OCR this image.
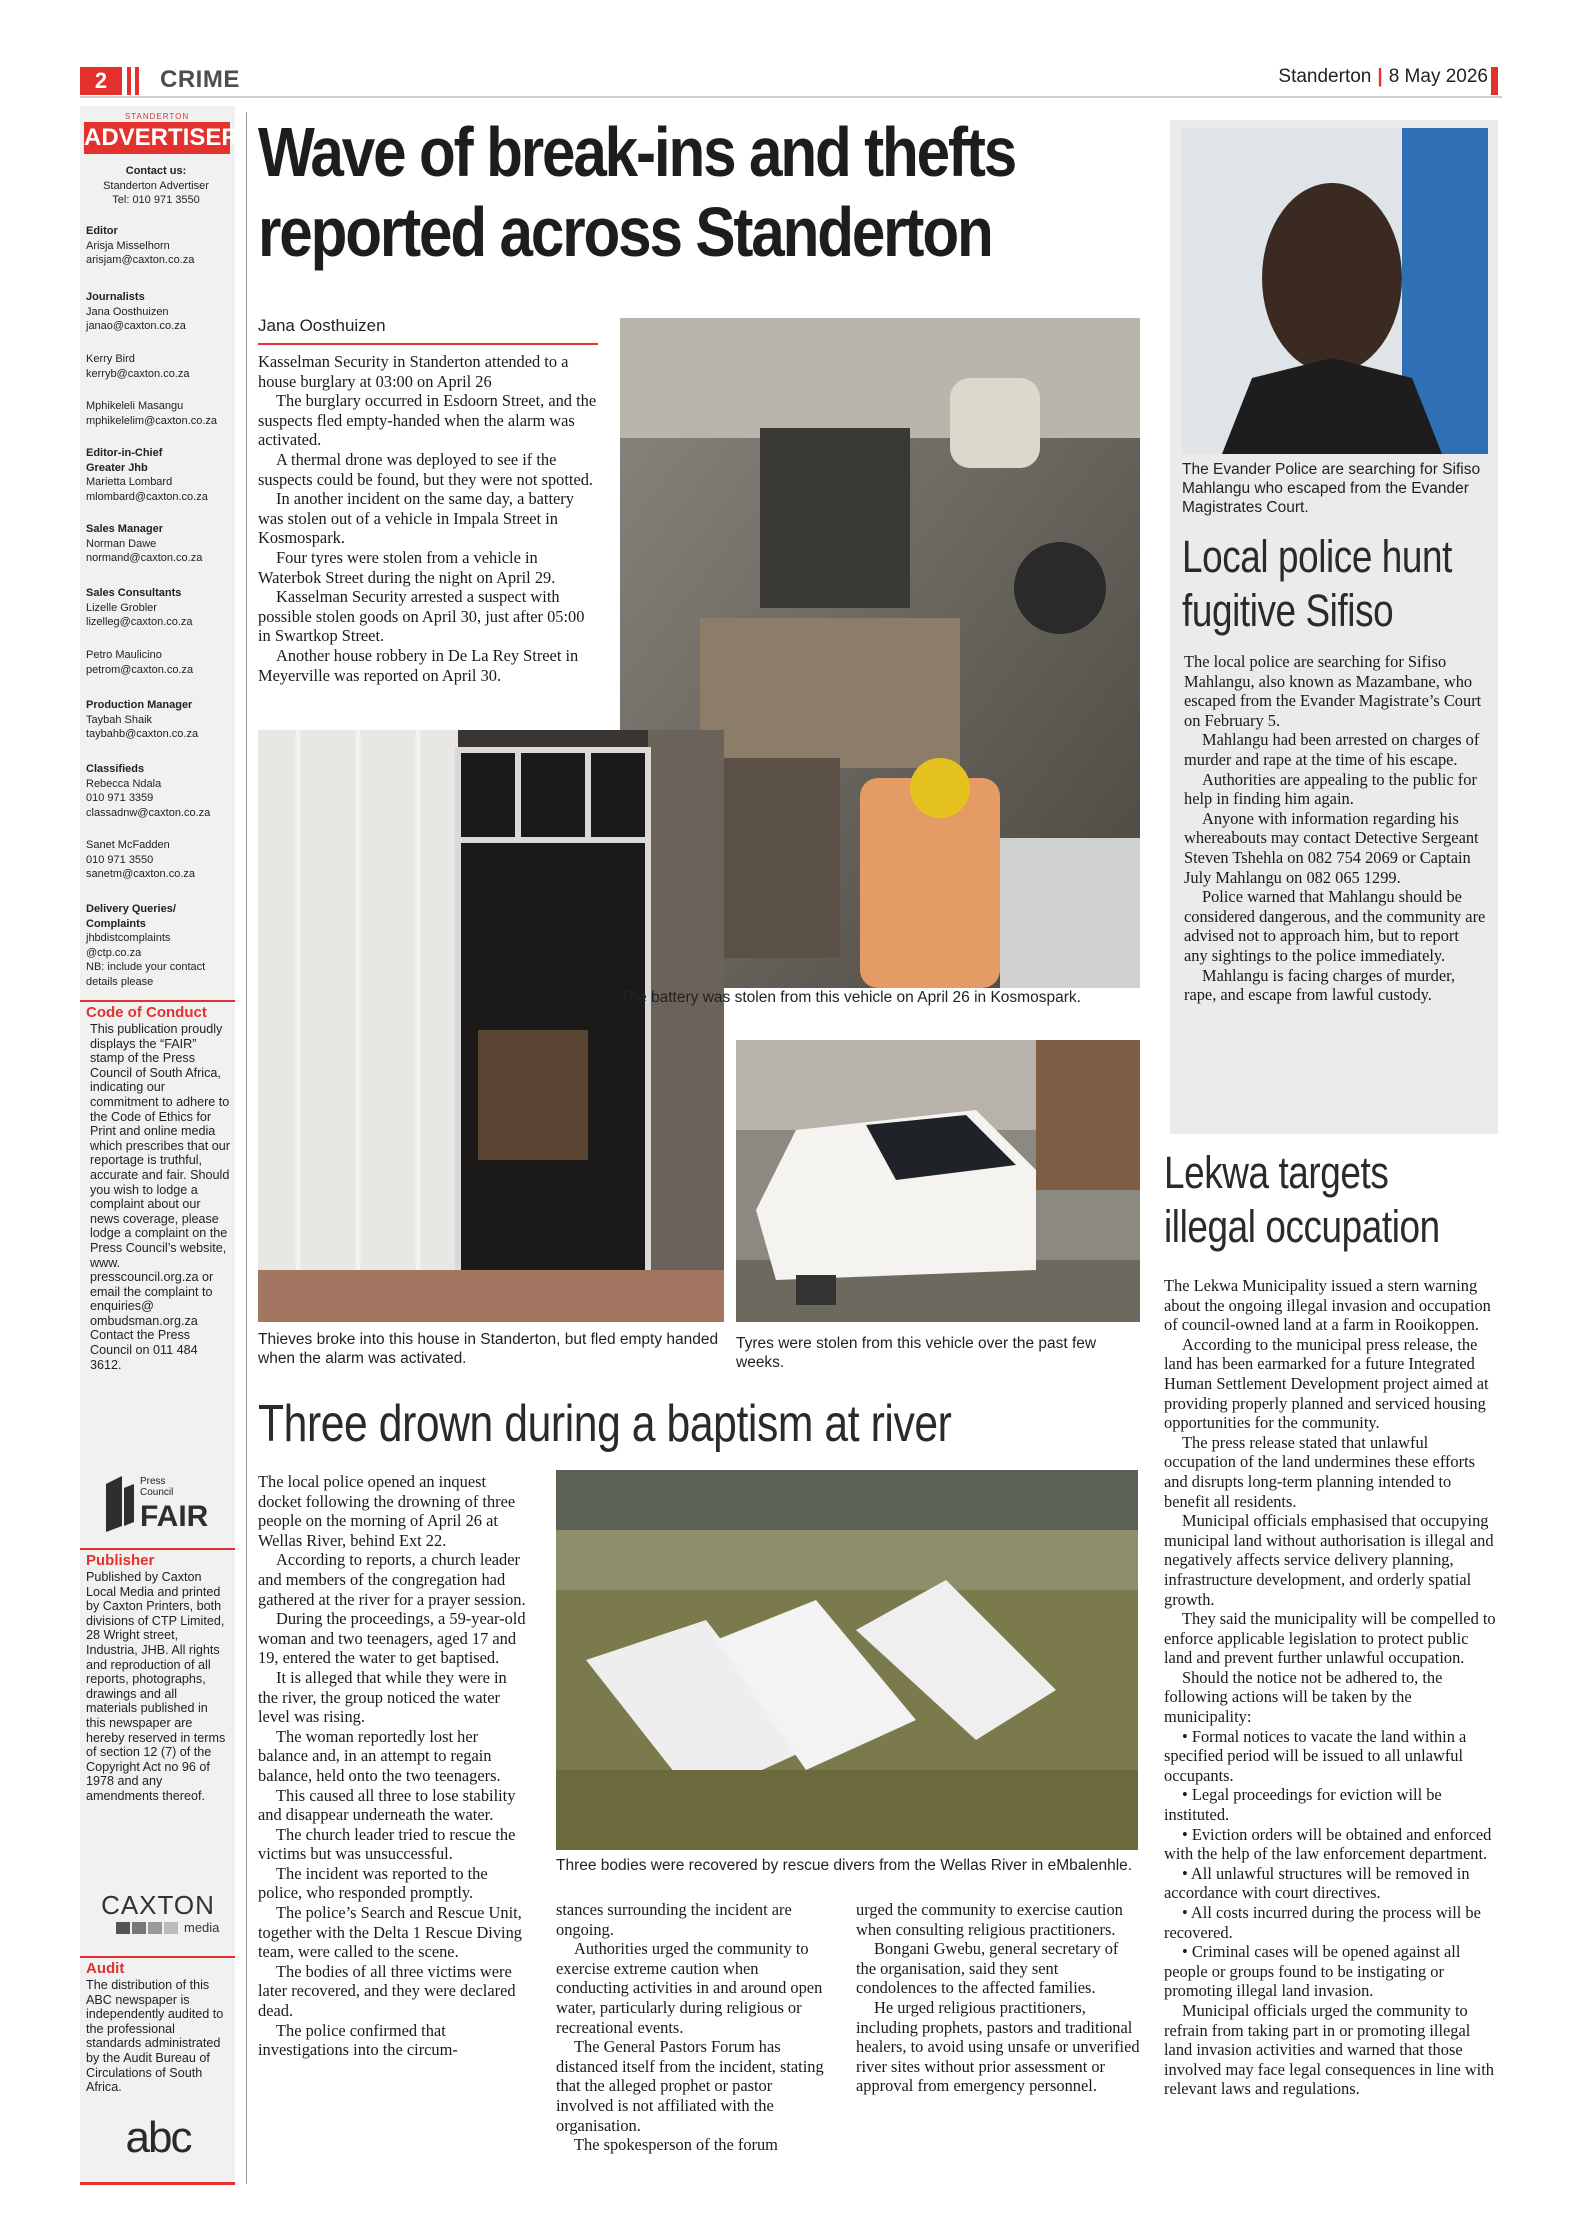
2	CRIME	Standerton | 8 May 2026
STANDERTON
ADVERTISER
Contact us:
Standerton Advertiser
Tel: 010 971 3550
Editor
Arisja Misselhorn
arisjam@caxton.co.za
Journalists
Jana Oosthuizen
janao@caxton.co.za
Kerry Bird
kerryb@caxton.co.za
Mphikeleli Masangu
mphikelelim@caxton.co.za
Editor-in-Chief
Greater Jhb
Marietta Lombard
mlombard@caxton.co.za
Sales Manager
Norman Dawe
normand@caxton.co.za
Sales Consultants
Lizelle Grobler
lizelleg@caxton.co.za
Petro Maulicino
petrom@caxton.co.za
Production Manager
Taybah Shaik
taybahb@caxton.co.za
Classifieds
Rebecca Ndala
010 971 3359
classadnw@caxton.co.za
Sanet McFadden
010 971 3550
sanetm@caxton.co.za
Delivery Queries/
Complaints
jhbdistcomplaints
@ctp.co.za
NB: include your contact
details please
Code of Conduct
This publication proudly displays the “FAIR” stamp of the Press Council of South Africa, indicating our commitment to adhere to the Code of Ethics for Print and online media which prescribes that our reportage is truthful, accurate and fair. Should you wish to lodge a complaint about our news coverage, please lodge a complaint on the Press Council’s website, www. presscouncil.org.za or email the complaint to enquiries@ ombudsman.org.za Contact the Press Council on 011 484 3612.
Press Council
FAIR
Publisher
Published by Caxton Local Media and printed by Caxton Printers, both divisions of CTP Limited, 28 Wright street, Industria, JHB. All rights and reproduction of all reports, photographs, drawings and all materials published in this newspaper are hereby reserved in terms of section 12 (7) of the Copyright Act no 96 of 1978 and any amendments thereof.
CAXTON
media
Audit
The distribution of this ABC newspaper is independently audited to the professional standards administrated by the Audit Bureau of Circulations of South Africa.
abc
Wave of break-ins and thefts
reported across Standerton
Jana Oosthuizen

Kasselman Security in Standerton attended to a house burglary at 03:00 on April 26

The burglary occurred in Esdoorn Street, and the suspects fled empty-handed when the alarm was activated.

A thermal drone was deployed to see if the suspects could be found, but they were not spotted.

In another incident on the same day, a battery was stolen out of a vehicle in Impala Street in Kosmospark.

Four tyres were stolen from a vehicle in Waterbok Street during the night on April 29.

Kasselman Security arrested a suspect with possible stolen goods on April 30, just after 05:00 in Swartkop Street.

Another house robbery in De La Rey Street in Meyerville was reported on April 30.

The battery was stolen from this vehicle on April 26 in Kosmospark.
Thieves broke into this house in Standerton, but fled empty handed when the alarm was activated.
Tyres were stolen from this vehicle over the past few weeks.
The Evander Police are searching for Sifiso Mahlangu who escaped from the Evander Magistrates Court.
Local police hunt
fugitive Sifiso

The local police are searching for Sifiso Mahlangu, also known as Mazambane, who escaped from the Evander Magistrate’s Court on February 5.

Mahlangu had been arrested on charges of murder and rape at the time of his escape.

Authorities are appealing to the public for help in finding him again.

Anyone with information regarding his whereabouts may contact Detective Sergeant Steven Tshehla on 082 754 2069 or Captain July Mahlangu on 082 065 1299.

Police warned that Mahlangu should be considered dangerous, and the community are advised not to approach him, but to report any sightings to the police immediately.

Mahlangu is facing charges of murder, rape, and escape from lawful custody.

Lekwa targets
illegal occupation

The Lekwa Municipality issued a stern warning about the ongoing illegal invasion and occupation of council-owned land at a farm in Rooikoppen.

According to the municipal press release, the land has been earmarked for a future Integrated Human Settlement Development project aimed at providing properly planned and serviced housing opportunities for the community.

The press release stated that unlawful occupation of the land undermines these efforts and disrupts long-term planning intended to benefit all residents.

Municipal officials emphasised that occupying municipal land without authorisation is illegal and negatively affects service delivery planning, infrastructure development, and orderly spatial growth.

They said the municipality will be compelled to enforce applicable legislation to protect public land and prevent further unlawful occupation.

Should the notice not be adhered to, the following actions will be taken by the municipality:

• Formal notices to vacate the land within a specified period will be issued to all unlawful occupants.

• Legal proceedings for eviction will be instituted.

• Eviction orders will be obtained and enforced with the help of the law enforcement department.

• All unlawful structures will be removed in accordance with court directives.

• All costs incurred during the process will be recovered.

• Criminal cases will be opened against all people or groups found to be instigating or promoting illegal land invasion.

Municipal officials urged the community to refrain from taking part in or promoting illegal land invasion activities and warned that those involved may face legal consequences in line with relevant laws and regulations.

Three drown during a baptism at river

The local police opened an inquest docket following the drowning of three people on the morning of April 26 at Wellas River, behind Ext 22.

According to reports, a church leader and members of the congregation had gathered at the river for a prayer session.

During the proceedings, a 59-year-old woman and two teenagers, aged 17 and 19, entered the water to get baptised.

It is alleged that while they were in the river, the group noticed the water level was rising.

The woman reportedly lost her balance and, in an attempt to regain balance, held onto the two teenagers.

This caused all three to lose stability and disappear underneath the water.

The church leader tried to rescue the victims but was unsuccessful.

The incident was reported to the police, who responded promptly.

The police’s Search and Rescue Unit, together with the Delta 1 Rescue Diving team, were called to the scene.

The bodies of all three victims were later recovered, and they were declared dead.

The police confirmed that investigations into the circum-

Three bodies were recovered by rescue divers from the Wellas River in eMbalenhle.

stances surrounding the incident are ongoing.

Authorities urged the community to exercise extreme caution when conducting activities in and around open water, particularly during religious or recreational events.

The General Pastors Forum has distanced itself from the incident, stating that the alleged prophet or pastor involved is not affiliated with the organisation.

The spokesperson of the forum

urged the community to exercise caution when consulting religious practitioners.

Bongani Gwebu, general secretary of the organisation, said they sent condolences to the affected families.

He urged religious practitioners, including prophets, pastors and traditional healers, to avoid using unsafe or unverified river sites without prior assessment or approval from emergency personnel.
